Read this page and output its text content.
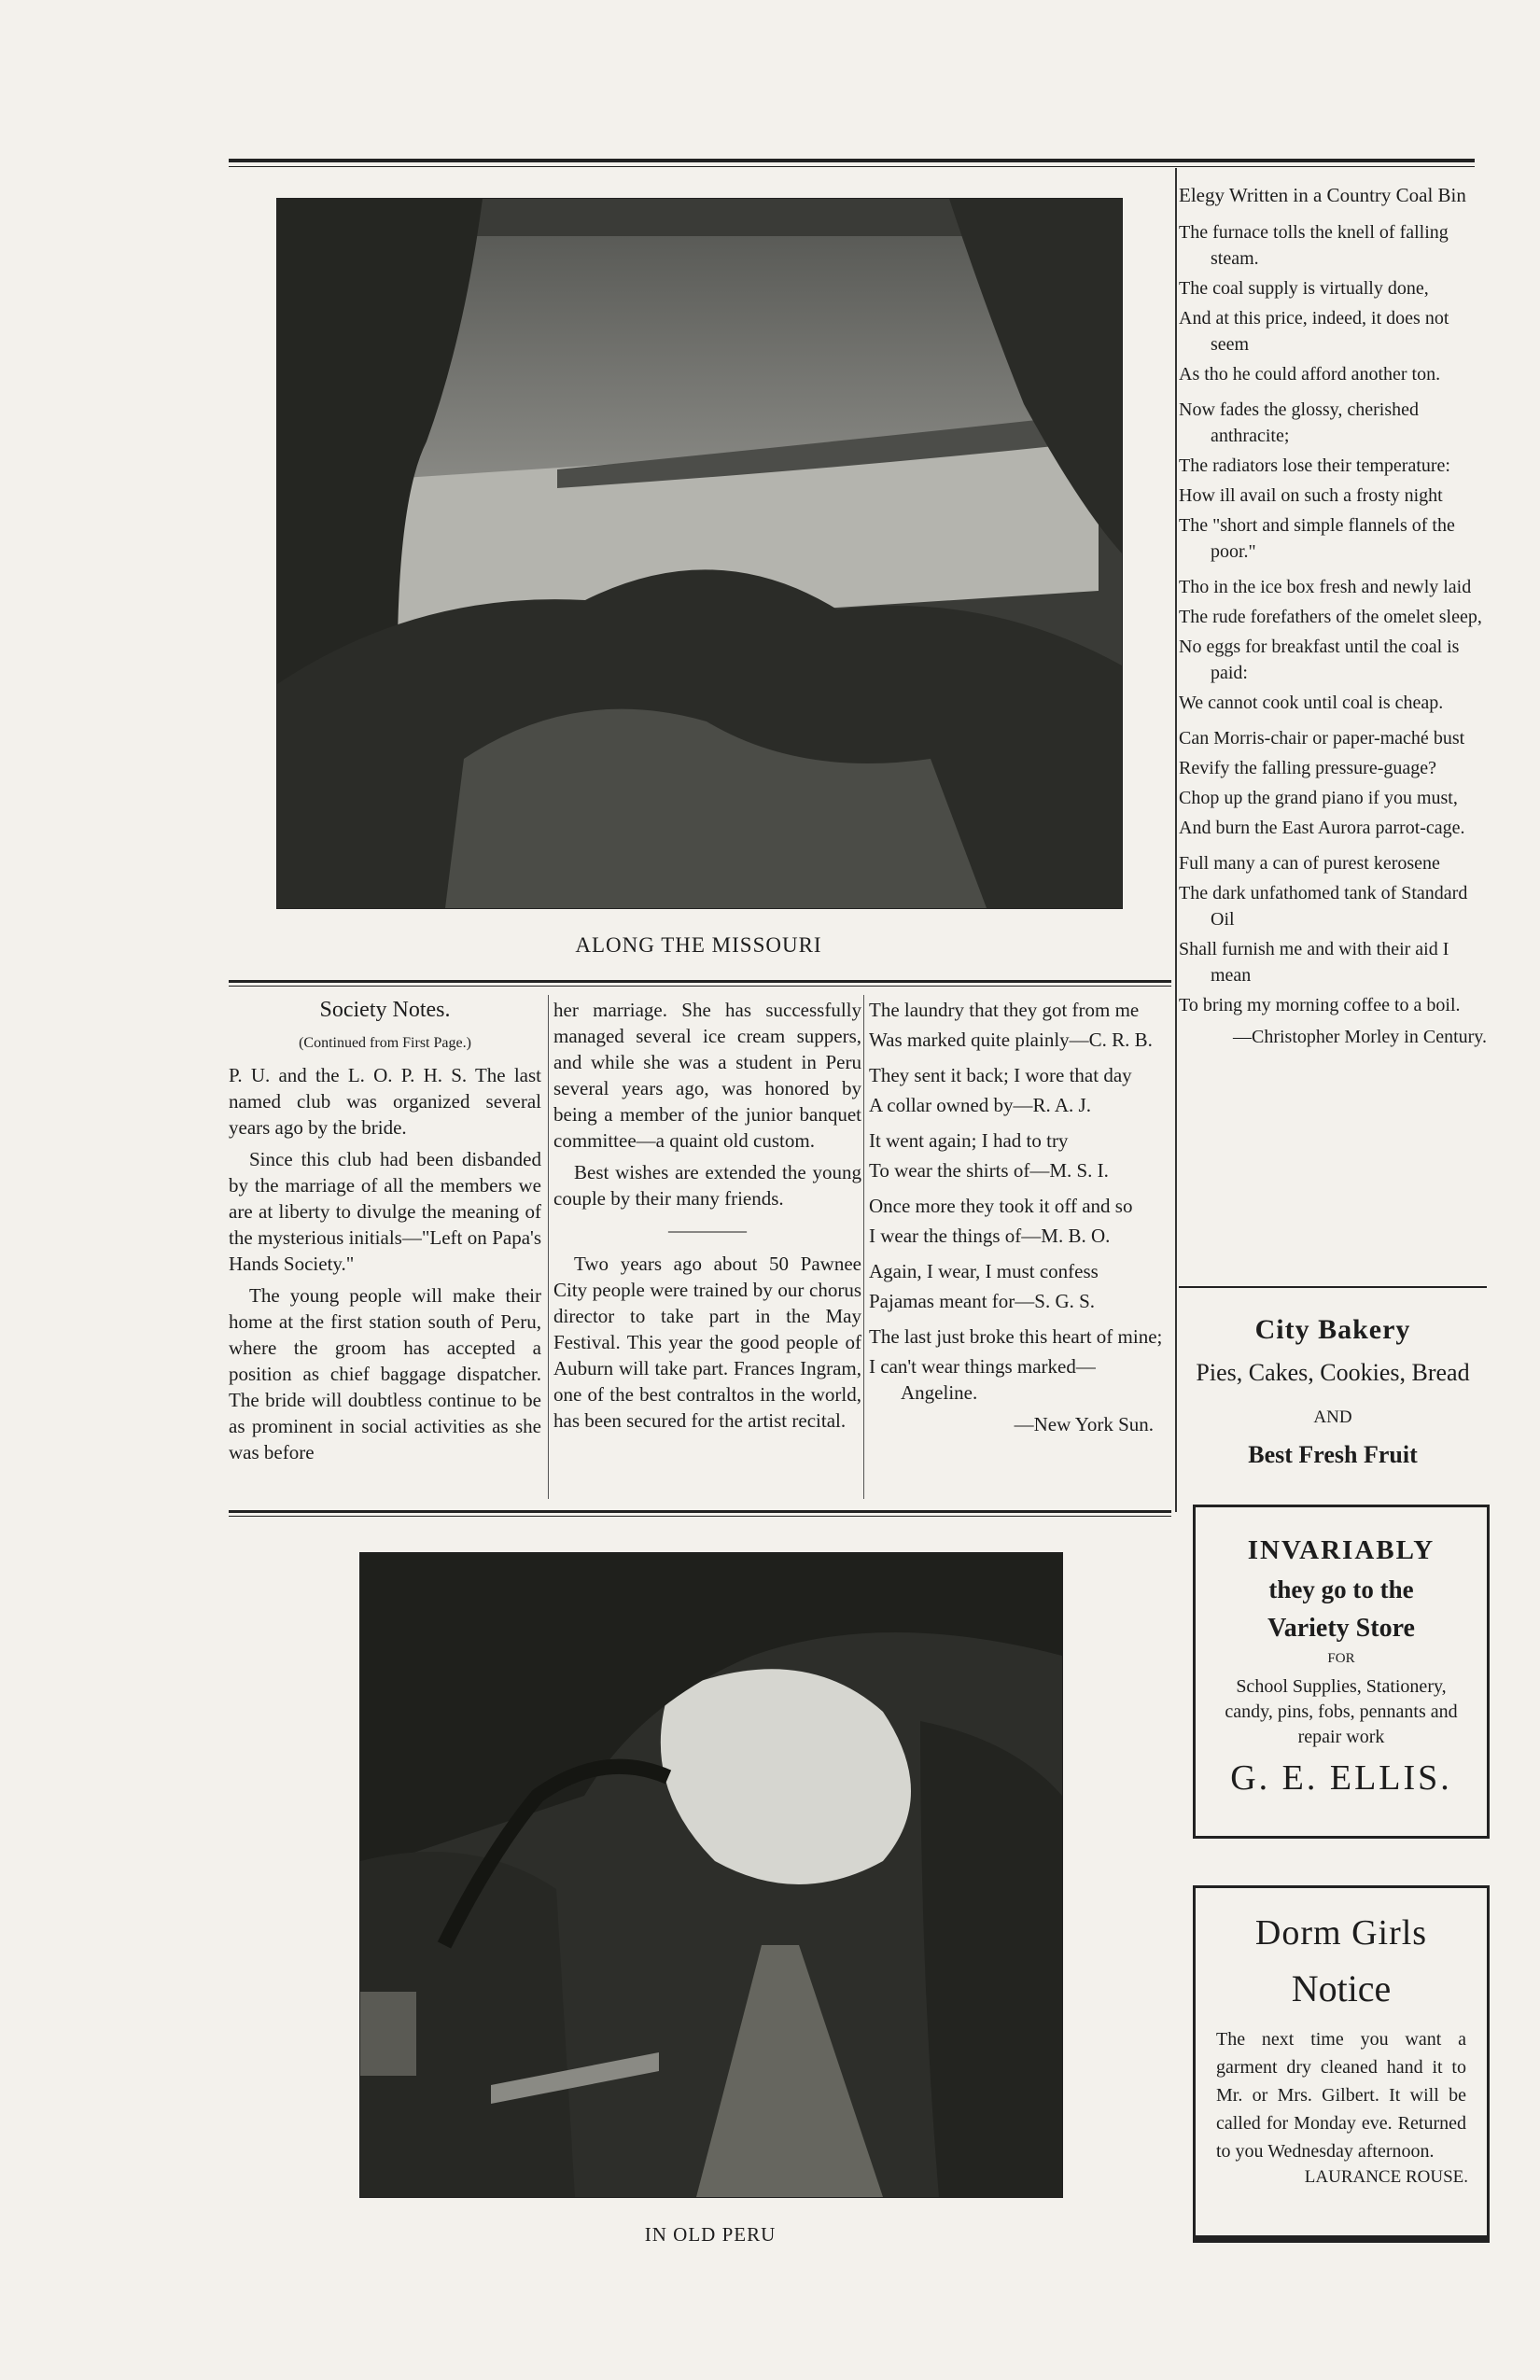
ALONG THE MISSOURI
Society Notes.
(Continued from First Page.)

P. U. and the L. O. P. H. S. The last named club was organized several years ago by the bride.

Since this club had been disbanded by the marriage of all the members we are at liberty to divulge the meaning of the mysterious initials—"Left on Papa's Hands Society."

The young people will make their home at the first station south of Peru, where the groom has accepted a position as chief baggage dispatcher. The bride will doubtless continue to be as prominent in social activities as she was before

her marriage. She has successfully managed several ice cream suppers, and while she was a student in Peru several years ago, was honored by being a member of the junior banquet committee—a quaint old custom.

Best wishes are extended the young couple by their many friends.

————

Two years ago about 50 Pawnee City people were trained by our chorus director to take part in the May Festival. This year the good people of Auburn will take part. Frances Ingram, one of the best contraltos in the world, has been secured for the artist recital.

The laundry that they got from me

Was marked quite plainly—C. R. B.

They sent it back; I wore that day

A collar owned by—R. A. J.

It went again; I had to try

To wear the shirts of—M. S. I.

Once more they took it off and so

I wear the things of—M. B. O.

Again, I wear, I must confess

Pajamas meant for—S. G. S.

The last just broke this heart of mine;

I can't wear things marked—Angeline.

—New York Sun.
Elegy Written in a Country Coal Bin

The furnace tolls the knell of falling steam.

The coal supply is virtually done,

And at this price, indeed, it does not seem

As tho he could afford another ton.

Now fades the glossy, cherished anthracite;

The radiators lose their temperature:

How ill avail on such a frosty night

The "short and simple flannels of the poor."

Tho in the ice box fresh and newly laid

The rude forefathers of the omelet sleep,

No eggs for breakfast until the coal is paid:

We cannot cook until coal is cheap.

Can Morris-chair or paper-maché bust

Revify the falling pressure-guage?

Chop up the grand piano if you must,

And burn the East Aurora parrot-cage.

Full many a can of purest kerosene

The dark unfathomed tank of Standard Oil

Shall furnish me and with their aid I mean

To bring my morning coffee to a boil.

—Christopher Morley in Century.
City Bakery
Pies, Cakes, Cookies, Bread
AND
Best Fresh Fruit
INVARIABLY
they go to the
Variety Store
FOR
School Supplies, Stationery, candy, pins, fobs, pennants and repair work
G. E. ELLIS.
Dorm Girls
Notice
The next time you want a garment dry cleaned hand it to Mr. or Mrs. Gilbert. It will be called for Monday eve. Returned to you Wednesday afternoon.
LAURANCE ROUSE.
IN OLD PERU
